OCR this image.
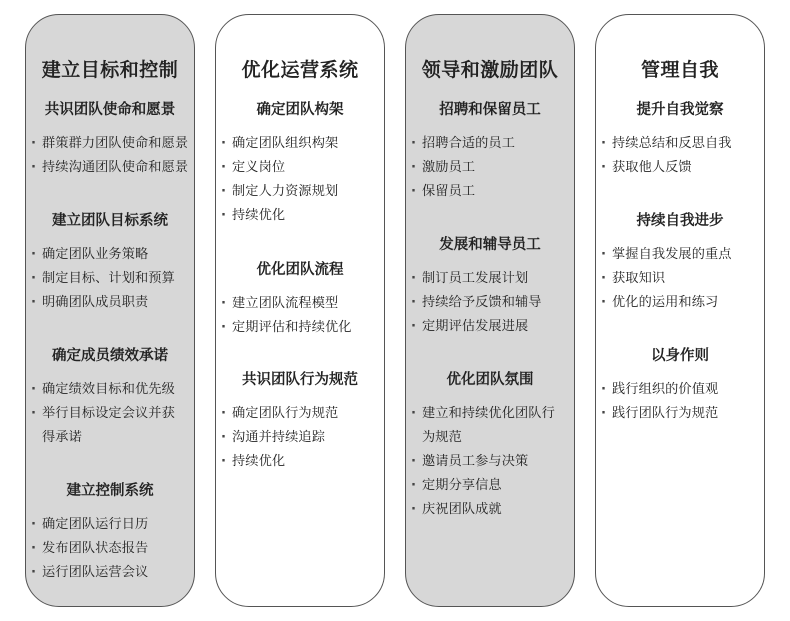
建立目标和控制
共识团队使命和愿景
· 群策群力团队使命和愿景
· 持续沟通团队使命和愿景
建立团队目标系统
· 确定团队业务策略
· 制定目标、计划和预算
· 明确团队成员职责
确定成员绩效承诺
· 确定绩效目标和优先级
· 举行目标设定会议并获得承诺
建立控制系统
· 确定团队运行日历
· 发布团队状态报告
· 运行团队运营会议
优化运营系统
确定团队构架
· 确定团队组织构架
· 定义岗位
· 制定人力资源规划
· 持续优化
优化团队流程
· 建立团队流程模型
· 定期评估和持续优化
共识团队行为规范
· 确定团队行为规范
· 沟通并持续追踪
· 持续优化
领导和激励团队
招聘和保留员工
· 招聘合适的员工
· 激励员工
· 保留员工
发展和辅导员工
· 制订员工发展计划
· 持续给予反馈和辅导
· 定期评估发展进展
优化团队氛围
· 建立和持续优化团队行为规范
· 邀请员工参与决策
· 定期分享信息
· 庆祝团队成就
管理自我
提升自我觉察
· 持续总结和反思自我
· 获取他人反馈
持续自我进步
· 掌握自我发展的重点
· 获取知识
· 优化的运用和练习
以身作则
· 践行组织的价值观
· 践行团队行为规范
